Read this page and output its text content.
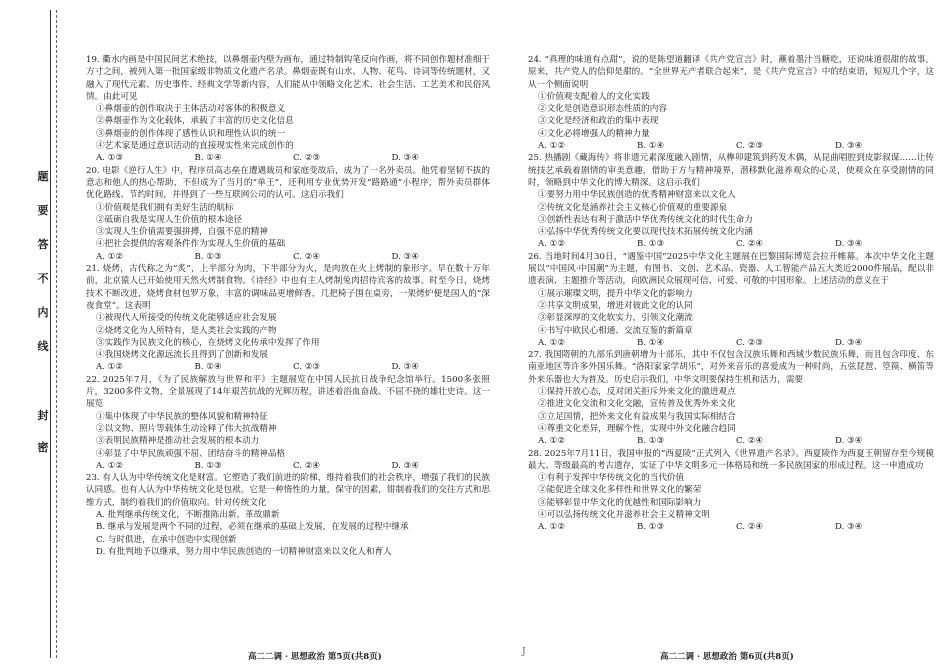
题
要
答
不
内
线
封
密

19. 衢水内画是中国民间艺术绝技，以鼻烟壶内壁为画布，通过特制钩笔反向作画，将不同创作题材准细于方寸之间，被列入第一批国家级非物质文化遗产名录。鼻烟壶既有山水、人物、花鸟、诗词等传统题材，又融入了现代元素、历史事件、经典文学等新内容，人们能从中领略文化艺术、社会生活、工艺美术和民俗风情。由此可见

①鼻烟壶的创作取决于主体活动对客体的积极意义
②鼻烟壶作为文化载体，承载了丰富的历史文化信息
③鼻烟壶的创作体现了感性认识和理性认识的统一
④艺术家是通过意识活动的直接现实性来完成创作的
A. ①③	B. ①④	C. ②③	D. ③④

20. 电影《逆行人生》中，程序员高志垒在遭遇裁员和家庭变故后，成为了一名外卖员。他凭着坚韧不拔的意志和他人的热心帮助，不但成为了当月的“单王”，还利用专业优势开发“路路通”小程序，帮外卖员群体优化路线、节约时间，并得到了一些互联网公司的认可。这启示我们

①价值观是我们拥有美好生活的航标
②砥砺自我是实现人生价值的根本途径
③实现人生价值需要强拼搏，自强不息的精神
④把社会提供的客观条件作为实现人生价值的基础
A. ①②	B. ①③	C. ②④	D. ③④

21. 烧烤，古代称之为“炙”，上半部分为肉，下半部分为火，是肉放在火上烤制的象形字。早在数十万年前，北京猿人已开始使用天然火烤制食物。《诗经》中也有主人烤制兔肉招待宾客的故事。时至今日，烧烤技术不断改进，烧烤食材包罗万象，丰富的调味品更增鲜香，几把椅子围在桌旁，一架烤炉便是国人的“深夜食堂”。这表明

①被现代人所接受的传统文化能够适应社会发展
②烧烤文化为人所特有，是人类社会实践的产物
③实践作为民族文化的核心，在烧烤文化传承中发挥了作用
④我国烧烤文化源远流长且得到了创新和发展
A. ①②	B. ①④	C. ②③	D. ③④

22. 2025年7月，《为了民族解放与世界和平》主题展览在中国人民抗日战争纪念馆举行。1500多张照片，3200多件文物，全景展现了14年艰苦抗战的光辉历程，讲述着浴血奋战、不屈不挠的雄壮史诗。这一展览

①集中体现了中华民族的整体风貌和精神特征
②以文物、照片等载体生动诠释了伟大抗战精神
③表明民族精神是推动社会发展的根本动力
④彰显了中华民族顽强不屈、团结奋斗的精神品格
A. ①②	B. ①③	C. ②④	D. ③④

23. 有人认为中华传统文化是财富。它塑造了我们前进的阶梯，维持着我们的社会秩序，增强了我们的民族认同感。也有人认为中华传统文化是包袱。它是一种惰性的力量，保守的因素，钳制着我们的交往方式和思维方式，制约着我们的价值取向。针对传统文化

A. 批判继承传统文化，不断推陈出新，革故鼎新
B. 继承与发展是两个不同的过程，必须在继承的基础上发展，在发展的过程中继承
C. 与时俱进，在承中创造中实现创新
D. 有批判地予以继承，努力用中华民族创造的一切精神财富来以文化人和育人

24. “真理的味道有点甜”，说的是陈望道翻译《共产党宣言》时，蘸着墨汁当糖吃，还说味道很甜的故事。原来，共产党人的信仰是甜的。“全世界无产者联合起来”，是《共产党宣言》中的结束语，短短几个字，这从一个侧面说明

①价值观支配着人的文化实践
②文化是创造意识形态性质的内容
③文化是经济和政治的集中表现
④文化必将增强人的精神力量
A. ①②	B. ①④	C. ②③	D. ③④

25. 热播剧《藏海传》将非遗元素深度融入剧情，从榫卯建筑到药发木偶，从昆曲唱腔到皮影叙谋……让传统技艺承载着剧情的审美意趣，借助于方与精神境界，潜移默化滋养观众的心灵，使观众在享受剧情的同时，领略到中华文化的博大精深。这启示我们

①要努力用中华民族创造的优秀精神财富来以文化人
②传统文化是涵养社会主义核心价值观的重要源泉
③创新性表达有利于激活中华优秀传统文化的时代生命力
④弘扬中华优秀传统文化要以现代技术拓展传统文化内涵
A. ①②	B. ①③	C. ②④	D. ③④

26. 当地时间4月30日，“遇鉴中国”2025中华文化主题展在巴黎国际博览会拉开帷幕。本次中华文化主题展以“中国风·中国潮”为主题，有图书、文创、艺术品、瓷器、人工智能产品五大类近2000件展品，配以非遗表演、主题推介等活动，向欧洲民众展现可信、可爱、可敬的中国形象。上述活动的意义在于

①展示璀璨文明，提升中华文化的影响力
②共享文明成果，增进对彼此文化的认同
③彰显深厚的文化软实力，引领文化潮流
④书写中欧民心相通、交流互鉴的新篇章
A. ①②	B. ①④	C. ②③	D. ③④

27. 我国隋朝的九部乐到唐朝增为十部乐，其中不仅包含汉族乐舞和西域少数民族乐舞，而且包含印度、东南亚地区等许多外国乐舞。“洛阳家家学胡乐”，对外来音乐的喜爱成为一种时尚，五弦琵琶、箜篌、横笛等外来乐器也大为普及。历史启示我们，中华文明要保持生机和活力，需要

①保持开放心态，反对闭关拒斥外来文化的激进观点
②推进文化交流和文化交融，宣传普及优秀外来文化
③立足国情，把外来文化有益成果与我国实际相结合
④尊重文化差异，理解个性，实现中外文化融合趋同
A. ①②	B. ①③	C. ②④	D. ③④

28. 2025年7月11日，我国申报的“西夏陵”正式列入《世界遗产名录》。西夏陵作为西夏王朝留存至今规模最大、等级最高的考古遗存，实证了中华文明多元一体格局和统一多民族国家的形成过程。这一申遗成功

①有利于发挥中华传统文化的当代价值
②能促进全球文化多样性和世界文化的繁荣
③能够彰显中华文化的优越性和国际影响力
④可以弘扬传统文化并滋养社会主义精神文明
A. ①②	B. ①③	C. ②④	D. ③④
高二二调 · 思想政治 第5页(共8页)	J	高二二调 · 思想政治 第6页(共8页)
